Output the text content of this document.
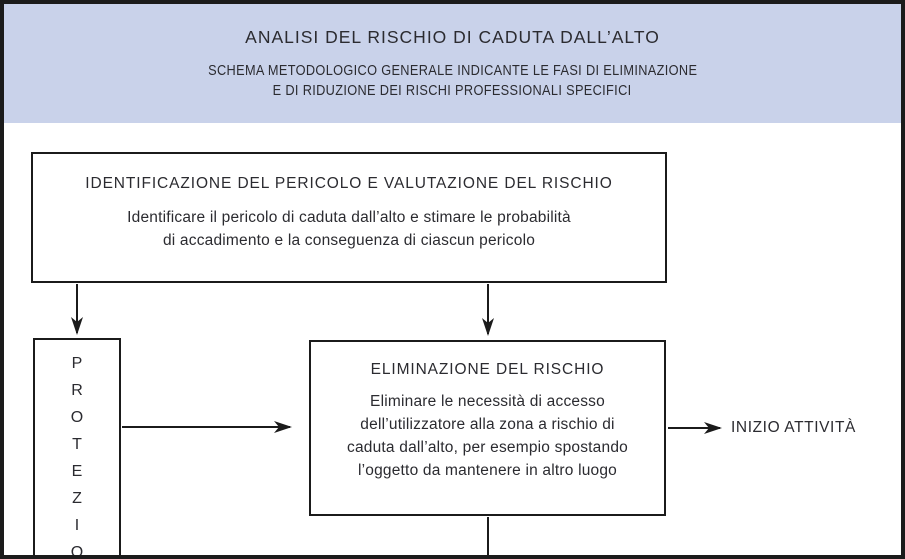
ANALISI DEL RISCHIO DI CADUTA DALL’ALTO
SCHEMA METODOLOGICO GENERALE INDICANTE LE FASI DI ELIMINAZIONE
E DI RIDUZIONE DEI RISCHI PROFESSIONALI SPECIFICI
IDENTIFICAZIONE DEL PERICOLO E VALUTAZIONE DEL RISCHIO
Identificare il pericolo di caduta dall’alto e stimare le probabilità
di accadimento e la conseguenza di ciascun pericolo
P
R
O
T
E
Z
I
O
ELIMINAZIONE DEL RISCHIO
Eliminare le necessità di accesso
dell’utilizzatore alla zona a rischio di
caduta dall’alto, per esempio spostando
l’oggetto da mantenere in altro luogo
INIZIO ATTIVITÀ
